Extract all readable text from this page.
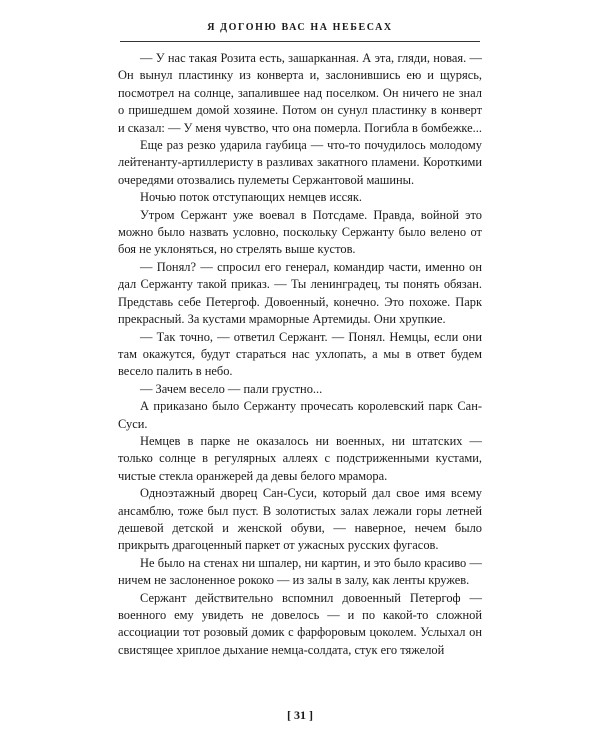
Я ДОГОНЮ ВАС НА НЕБЕСАХ

— У нас такая Розита есть, зашарканная. А эта, гляди, новая. — Он вынул пластинку из конверта и, заслонившись ею и щурясь, посмотрел на солнце, запалившее над поселком. Он ничего не знал о пришедшем домой хозяине. Потом он сунул пластинку в конверт и сказал: — У меня чувство, что она померла. Погибла в бомбежке...

Еще раз резко ударила гаубица — что-то почудилось молодому лейтенанту-артиллеристу в разливах закатного пламени. Короткими очередями отозвались пулеметы Сержантовой машины.

Ночью поток отступающих немцев иссяк.

Утром Сержант уже воевал в Потсдаме. Правда, войной это можно было назвать условно, поскольку Сержанту было велено от боя не уклоняться, но стрелять выше кустов.

— Понял? — спросил его генерал, командир части, именно он дал Сержанту такой приказ. — Ты ленинградец, ты понять обязан. Представь себе Петергоф. Довоенный, конечно. Это похоже. Парк прекрасный. За кустами мраморные Артемиды. Они хрупкие.

— Так точно, — ответил Сержант. — Понял. Немцы, если они там окажутся, будут стараться нас ухлопать, а мы в ответ будем весело палить в небо.

— Зачем весело — пали грустно...

А приказано было Сержанту прочесать королевский парк Сан-Суси.

Немцев в парке не оказалось ни военных, ни штатских — только солнце в регулярных аллеях с подстриженными кустами, чистые стекла оранжерей да девы белого мрамора.

Одноэтажный дворец Сан-Суси, который дал свое имя всему ансамблю, тоже был пуст. В золотистых залах лежали горы летней дешевой детской и женской обуви, — наверное, нечем было прикрыть драгоценный паркет от ужасных русских фугасов.

Не было на стенах ни шпалер, ни картин, и это было красиво — ничем не заслоненное рококо — из залы в залу, как ленты кружев.

Сержант действительно вспомнил довоенный Петергоф — военного ему увидеть не довелось — и по какой-то сложной ассоциации тот розовый домик с фарфоровым цоколем. Услыхал он свистящее хриплое дыхание немца-солдата, стук его тяжелой

[ 31 ]
